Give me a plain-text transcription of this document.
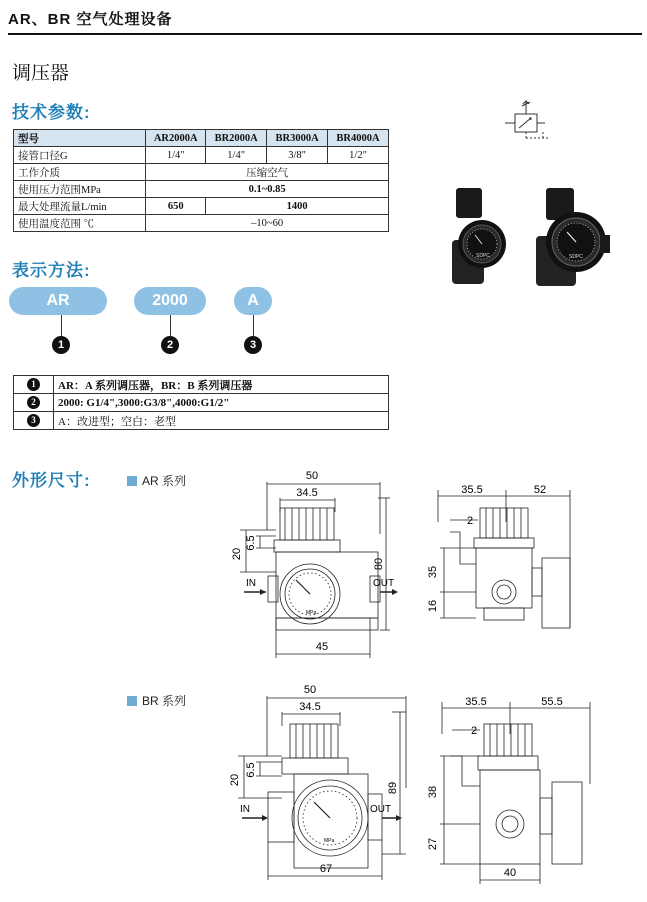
AR、BR 空气处理设备
调压器
技术参数:
型号	AR2000A	BR2000A	BR3000A	BR4000A
接管口径G	1/4"	1/4"	3/8"	1/2"
工作介质	压缩空气			
使用压力范围MPa	0.1~0.85			
最大处理流量L/min	650	1400		
使用温度范围 ℃	–10~60			
SDPC	SDPC
表示方法:
AR	2000	A
1	2	3
1	AR：A 系列调压器，BR：B 系列调压器
2	2000: G1/4",3000:G3/8",4000:G1/2"
3	A：改进型；空白：老型
外形尺寸:	AR 系列
BR 系列
50
34.5
20
6.5
80
45
IN	OUT
MPa
35.5	52
2
35
16
50
34.5
20
6.5
89
67
IN	OUT
MPa
35.5	55.5
2
38
27
40
